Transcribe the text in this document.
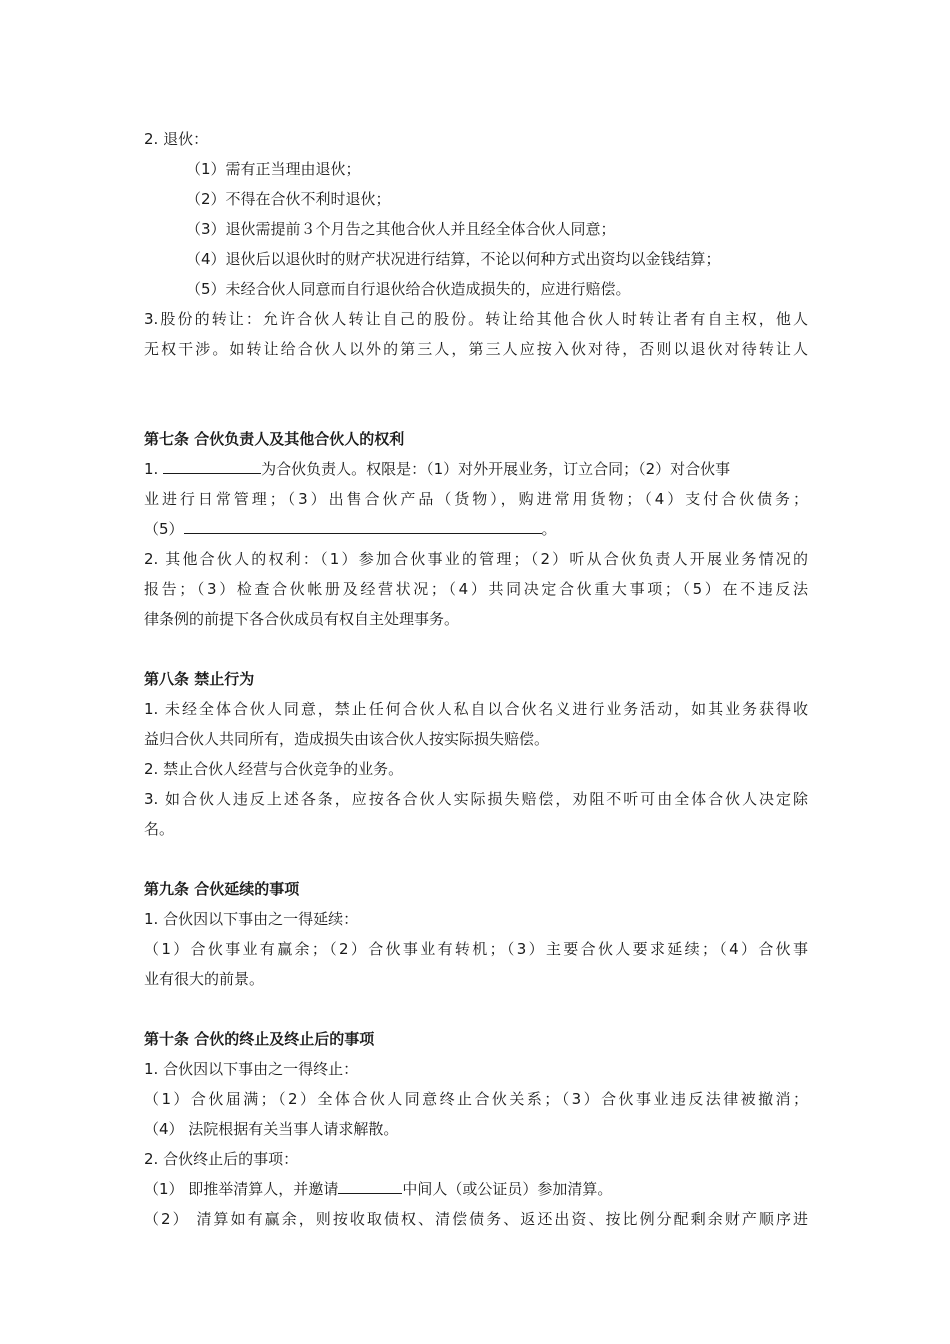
2. 退伙：
（1）需有正当理由退伙；
（2）不得在合伙不利时退伙；
（3）退伙需提前３个月告之其他合伙人并且经全体合伙人同意；
（4）退伙后以退伙时的财产状况进行结算，不论以何种方式出资均以金钱结算；
（5）未经合伙人同意而自行退伙给合伙造成损失的，应进行赔偿。
3.股份的转让：允许合伙人转让自己的股份。转让给其他合伙人时转让者有自主权，他人
无权干涉。如转让给合伙人以外的第三人，第三人应按入伙对待，否则以退伙对待转让人
第七条 合伙负责人及其他合伙人的权利
1.	为合伙负责人。权限是：（1）对外开展业务，订立合同；（2）对合伙事
业进行日常管理；（3）出售合伙产品（货物），购进常用货物；（4）支付合伙债务；
（5）	。
2. 其他合伙人的权利：（1）参加合伙事业的管理；（2）听从合伙负责人开展业务情况的
报告；（3）检查合伙帐册及经营状况；（4）共同决定合伙重大事项；（5）在不违反法
律条例的前提下各合伙成员有权自主处理事务。
第八条 禁止行为
1. 未经全体合伙人同意，禁止任何合伙人私自以合伙名义进行业务活动，如其业务获得收
益归合伙人共同所有，造成损失由该合伙人按实际损失赔偿。
2. 禁止合伙人经营与合伙竞争的业务。
3. 如合伙人违反上述各条，应按各合伙人实际损失赔偿，劝阻不听可由全体合伙人决定除
名。
第九条 合伙延续的事项
1. 合伙因以下事由之一得延续：
（1）合伙事业有赢余；（2）合伙事业有转机；（3）主要合伙人要求延续；（4）合伙事
业有很大的前景。
第十条 合伙的终止及终止后的事项
1. 合伙因以下事由之一得终止：
（1）合伙届满；（2）全体合伙人同意终止合伙关系；（3）合伙事业违反法律被撤消；
（4） 法院根据有关当事人请求解散。
2. 合伙终止后的事项：
（1） 即推举清算人，并邀请	中间人（或公证员）参加清算。
（2） 清算如有赢余，则按收取债权、清偿债务、返还出资、按比例分配剩余财产顺序进
